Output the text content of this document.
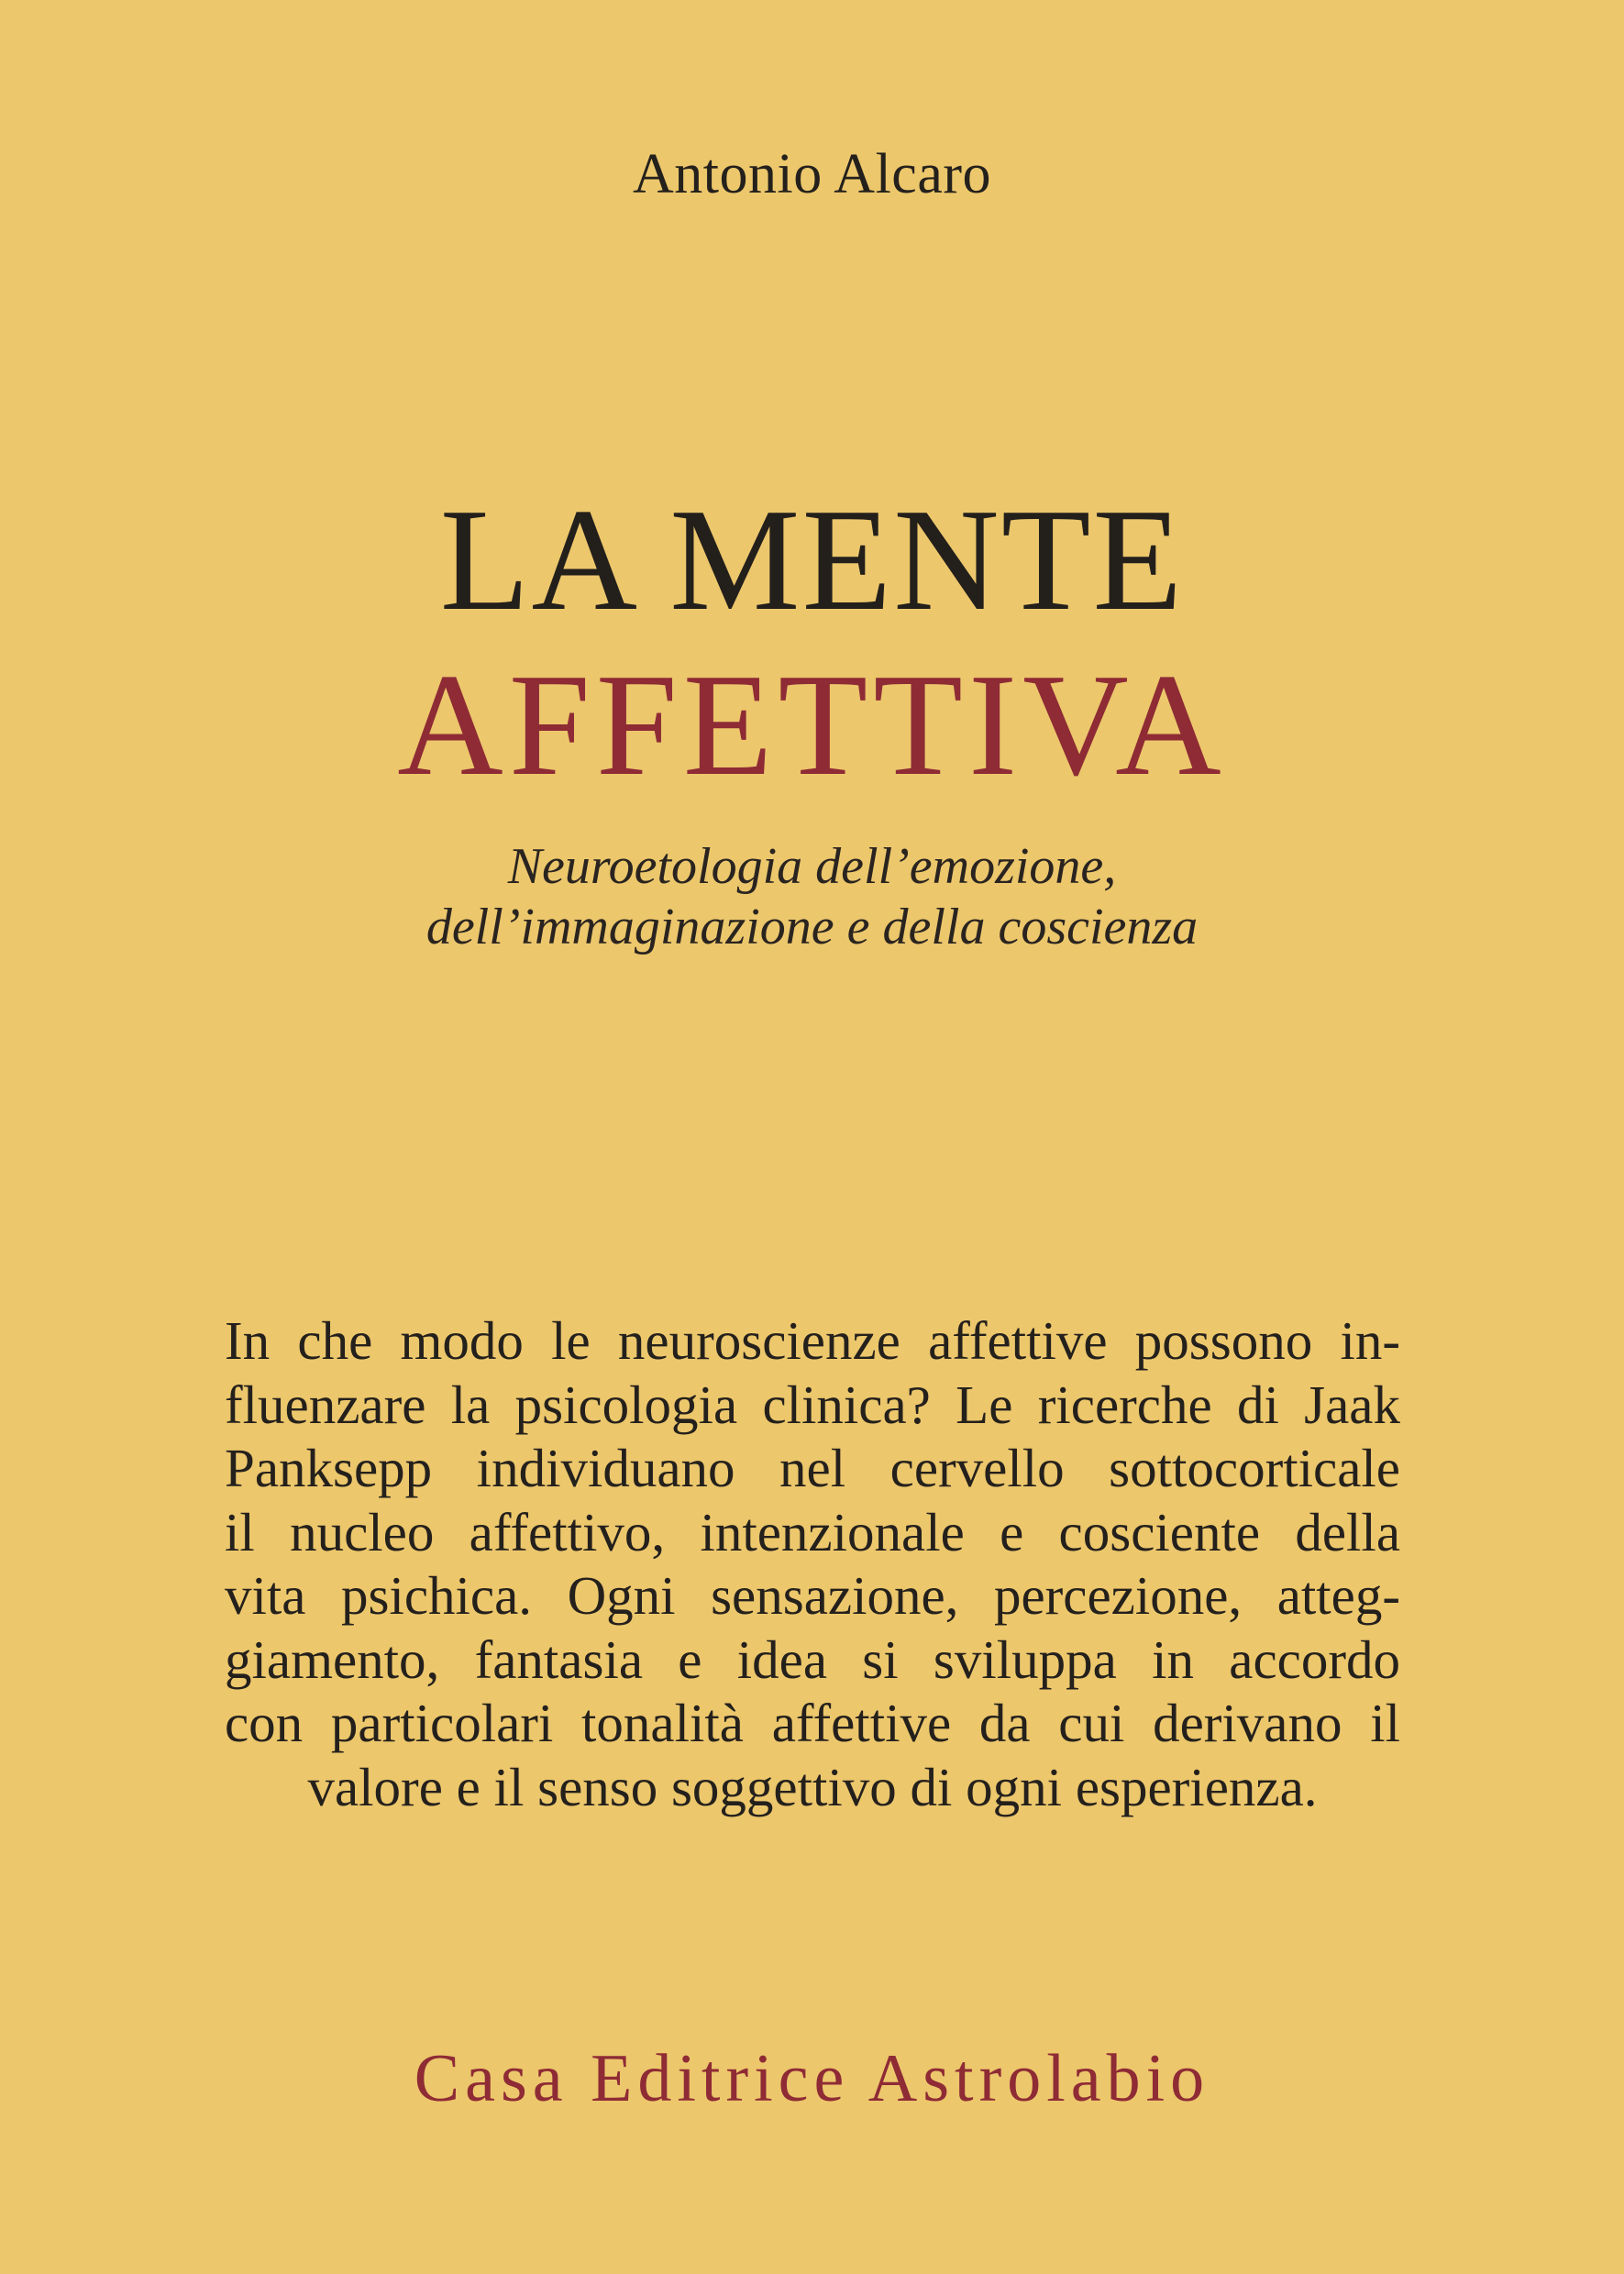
Antonio Alcaro
LA MENTE
AFFETTIVA
Neuroetologia dell’emozione,
dell’immaginazione e della coscienza
In che modo le neuroscienze affettive possono in-
fluenzare la psicologia clinica? Le ricerche di Jaak
Panksepp individuano nel cervello sottocorticale
il nucleo affettivo, intenzionale e cosciente della
vita psichica. Ogni sensazione, percezione, atteg-
giamento, fantasia e idea si sviluppa in accordo
con particolari tonalità affettive da cui derivano il
valore e il senso soggettivo di ogni esperienza.
Casa Editrice Astrolabio
